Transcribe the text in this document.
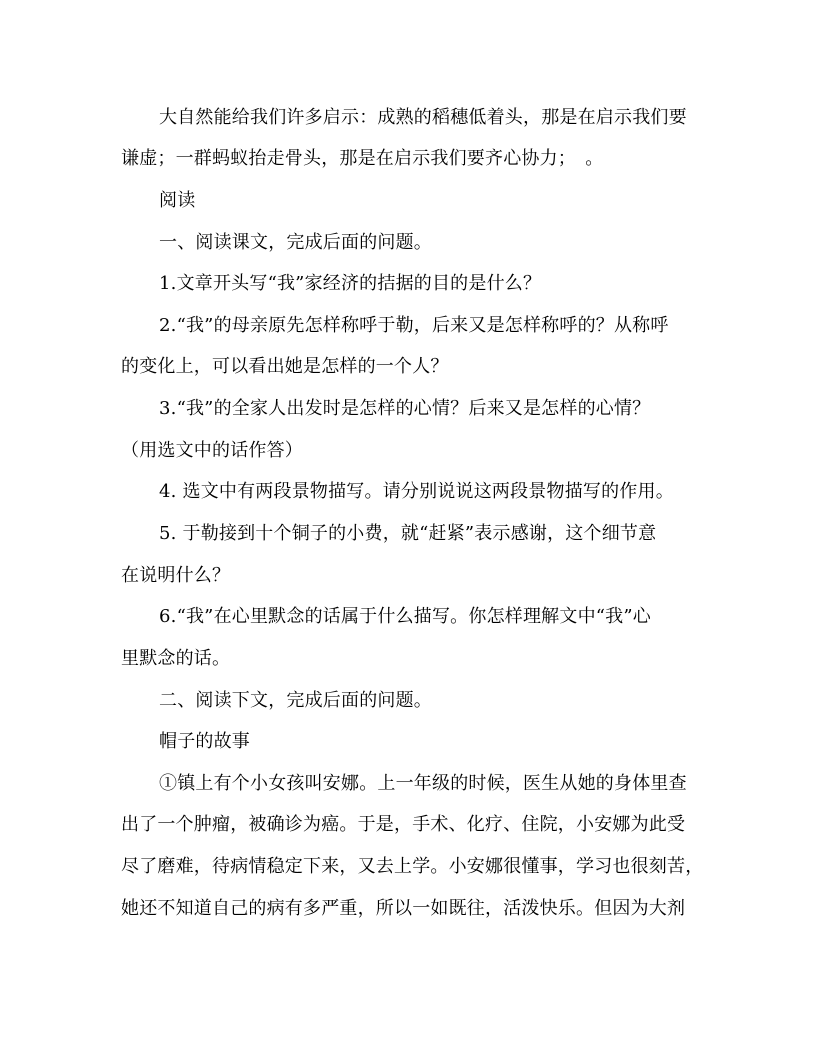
大自然能给我们许多启示：成熟的稻穗低着头，那是在启示我们要
谦虚；一群蚂蚁抬走骨头，那是在启示我们要齐心协力；　。
阅读
一、阅读课文，完成后面的问题。
1.文章开头写“我”家经济的拮据的目的是什么？
2.“我”的母亲原先怎样称呼于勒，后来又是怎样称呼的？从称呼
的变化上，可以看出她是怎样的一个人？
3.“我”的全家人出发时是怎样的心情？后来又是怎样的心情？
（用选文中的话作答）
4. 选文中有两段景物描写。请分别说说这两段景物描写的作用。
5. 于勒接到十个铜子的小费，就“赶紧”表示感谢，这个细节意
在说明什么？
6.“我”在心里默念的话属于什么描写。你怎样理解文中“我”心
里默念的话。
二、阅读下文，完成后面的问题。
帽子的故事
①镇上有个小女孩叫安娜。上一年级的时候，医生从她的身体里查
出了一个肿瘤，被确诊为癌。于是，手术、化疗、住院，小安娜为此受
尽了磨难，待病情稳定下来，又去上学。小安娜很懂事，学习也很刻苦，
她还不知道自己的病有多严重，所以一如既往，活泼快乐。但因为大剂
